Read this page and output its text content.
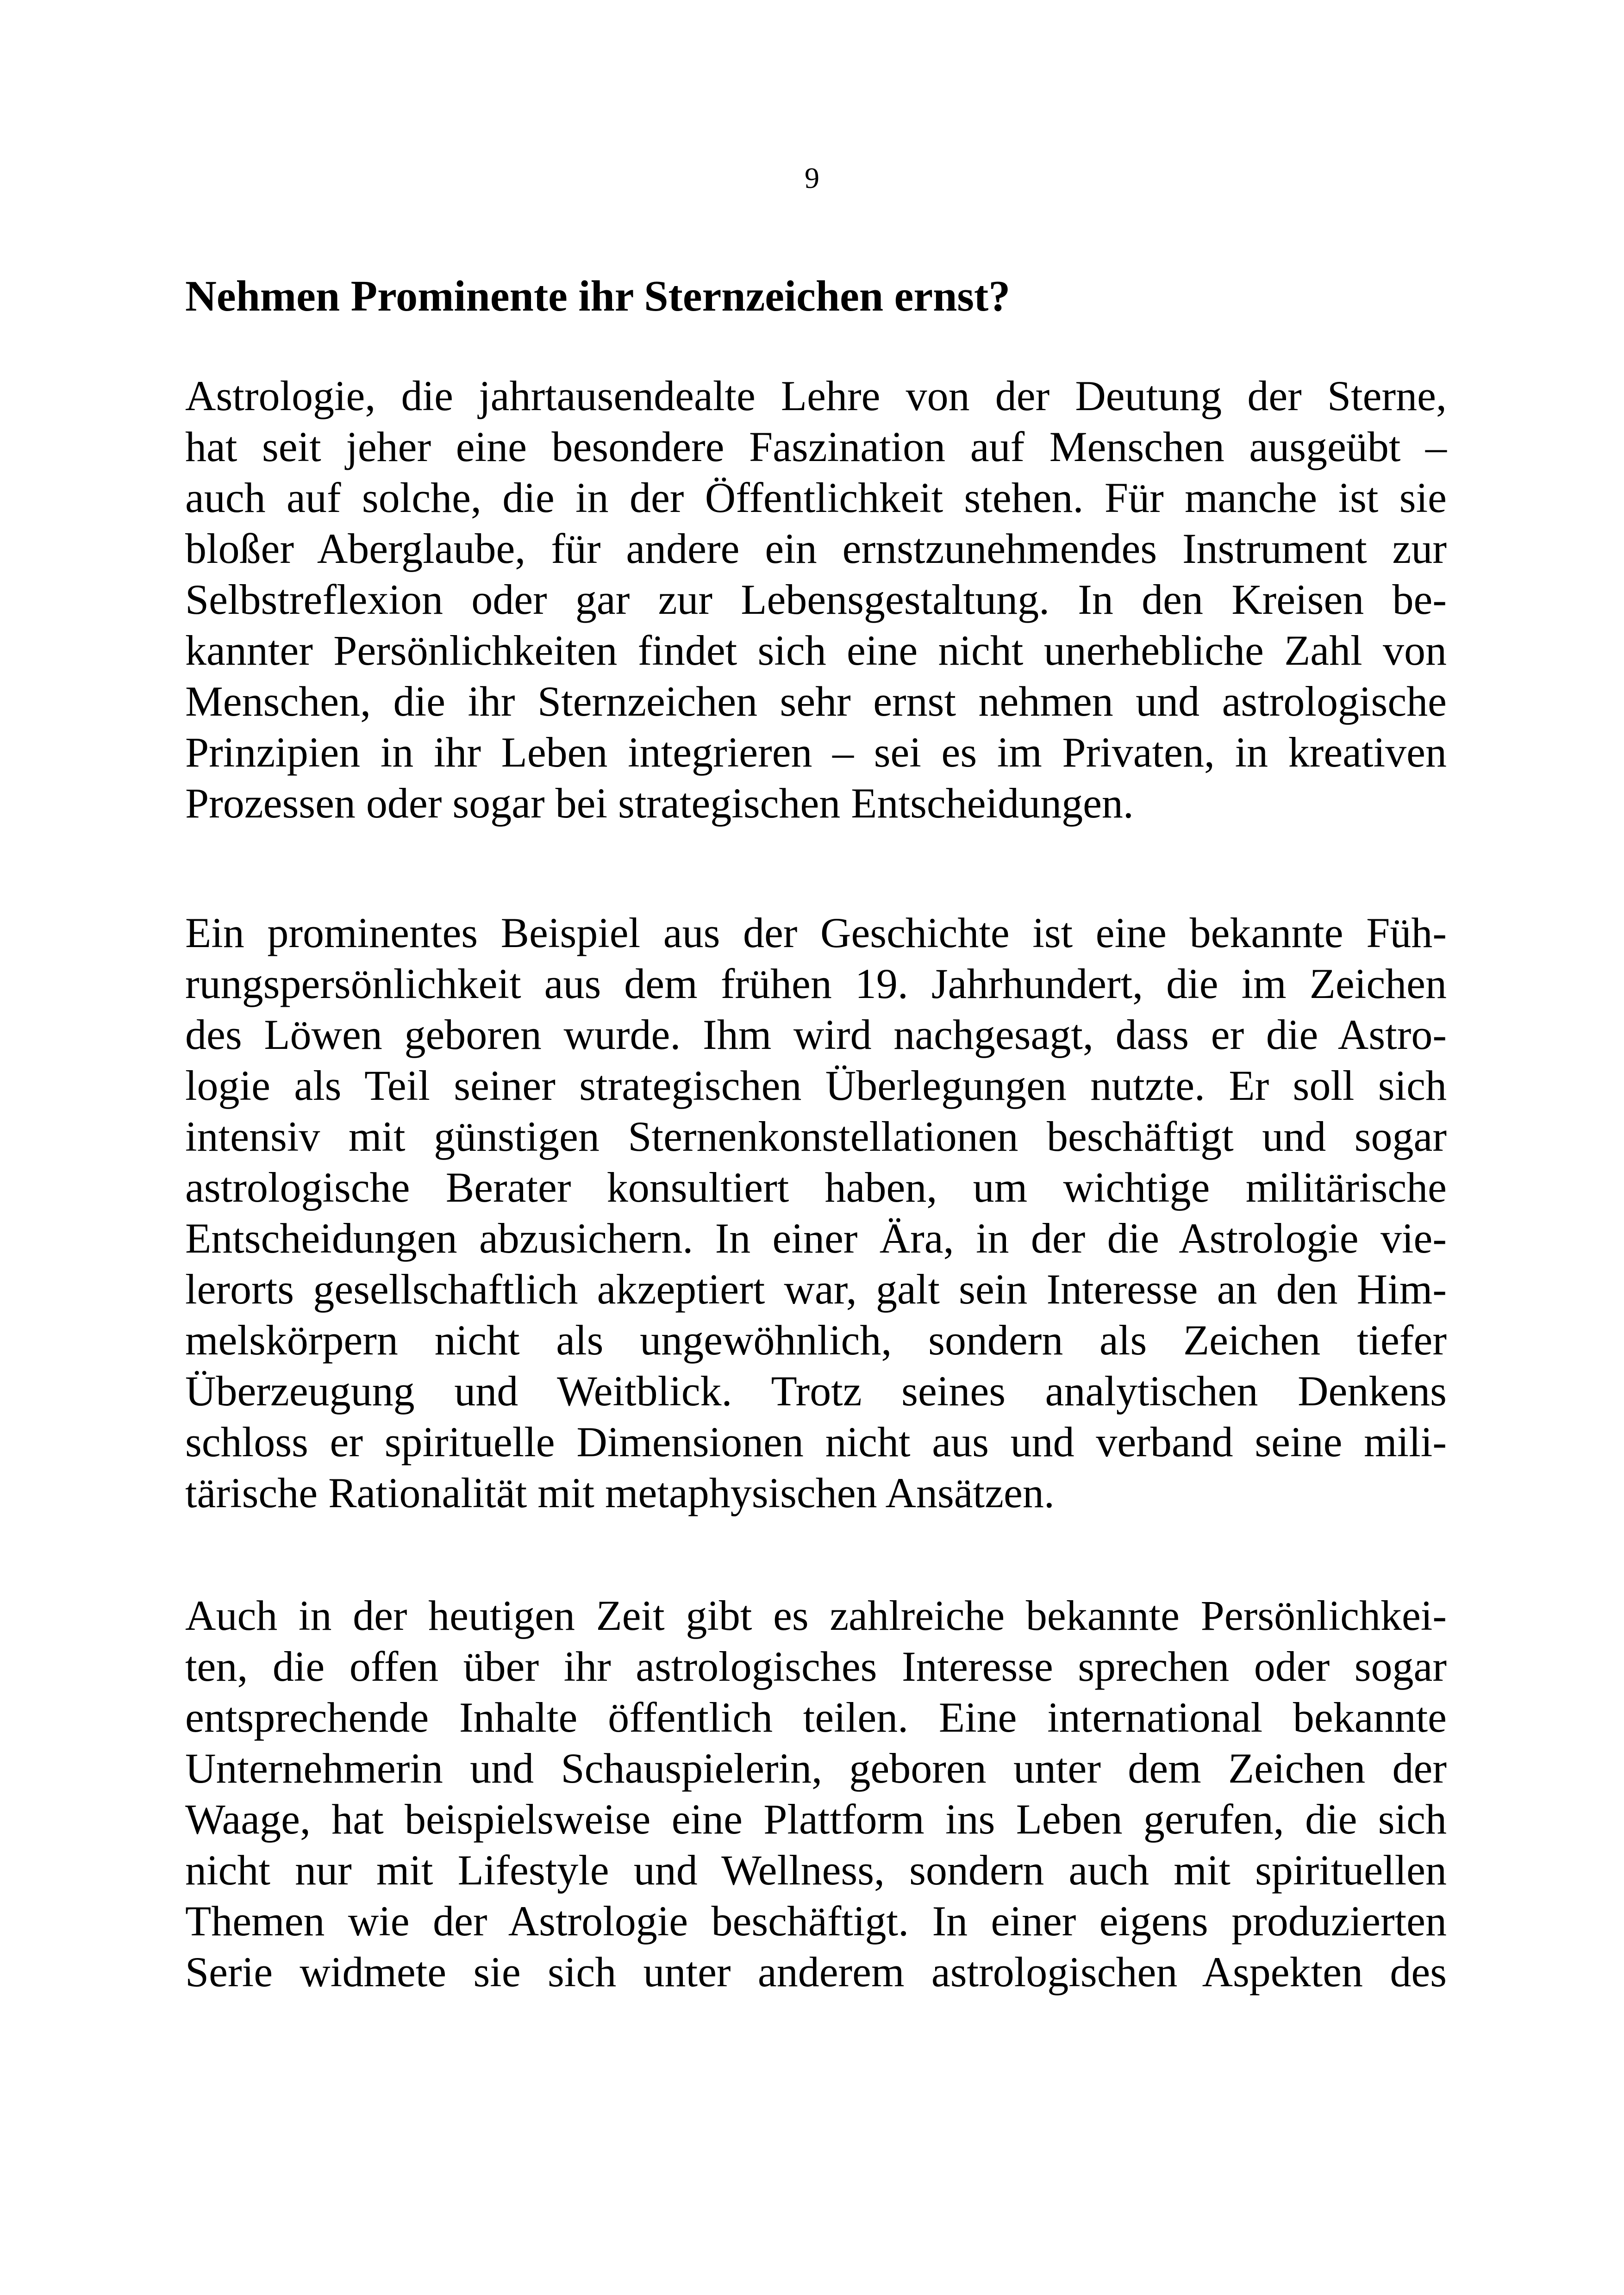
9
Nehmen Prominente ihr Sternzeichen ernst?
Astrologie, die jahrtausendealte Lehre von der Deutung der Sterne,
hat seit jeher eine besondere Faszination auf Menschen ausgeübt –
auch auf solche, die in der Öffentlichkeit stehen. Für manche ist sie
bloßer Aberglaube, für andere ein ernstzunehmendes Instrument zur
Selbstreflexion oder gar zur Lebensgestaltung. In den Kreisen be-
kannter Persönlichkeiten findet sich eine nicht unerhebliche Zahl von
Menschen, die ihr Sternzeichen sehr ernst nehmen und astrologische
Prinzipien in ihr Leben integrieren – sei es im Privaten, in kreativen
Prozessen oder sogar bei strategischen Entscheidungen.
Ein prominentes Beispiel aus der Geschichte ist eine bekannte Füh-
rungspersönlichkeit aus dem frühen 19. Jahrhundert, die im Zeichen
des Löwen geboren wurde. Ihm wird nachgesagt, dass er die Astro-
logie als Teil seiner strategischen Überlegungen nutzte. Er soll sich
intensiv mit günstigen Sternenkonstellationen beschäftigt und sogar
astrologische Berater konsultiert haben, um wichtige militärische
Entscheidungen abzusichern. In einer Ära, in der die Astrologie vie-
lerorts gesellschaftlich akzeptiert war, galt sein Interesse an den Him-
melskörpern nicht als ungewöhnlich, sondern als Zeichen tiefer
Überzeugung und Weitblick. Trotz seines analytischen Denkens
schloss er spirituelle Dimensionen nicht aus und verband seine mili-
tärische Rationalität mit metaphysischen Ansätzen.
Auch in der heutigen Zeit gibt es zahlreiche bekannte Persönlichkei-
ten, die offen über ihr astrologisches Interesse sprechen oder sogar
entsprechende Inhalte öffentlich teilen. Eine international bekannte
Unternehmerin und Schauspielerin, geboren unter dem Zeichen der
Waage, hat beispielsweise eine Plattform ins Leben gerufen, die sich
nicht nur mit Lifestyle und Wellness, sondern auch mit spirituellen
Themen wie der Astrologie beschäftigt. In einer eigens produzierten
Serie widmete sie sich unter anderem astrologischen Aspekten des
